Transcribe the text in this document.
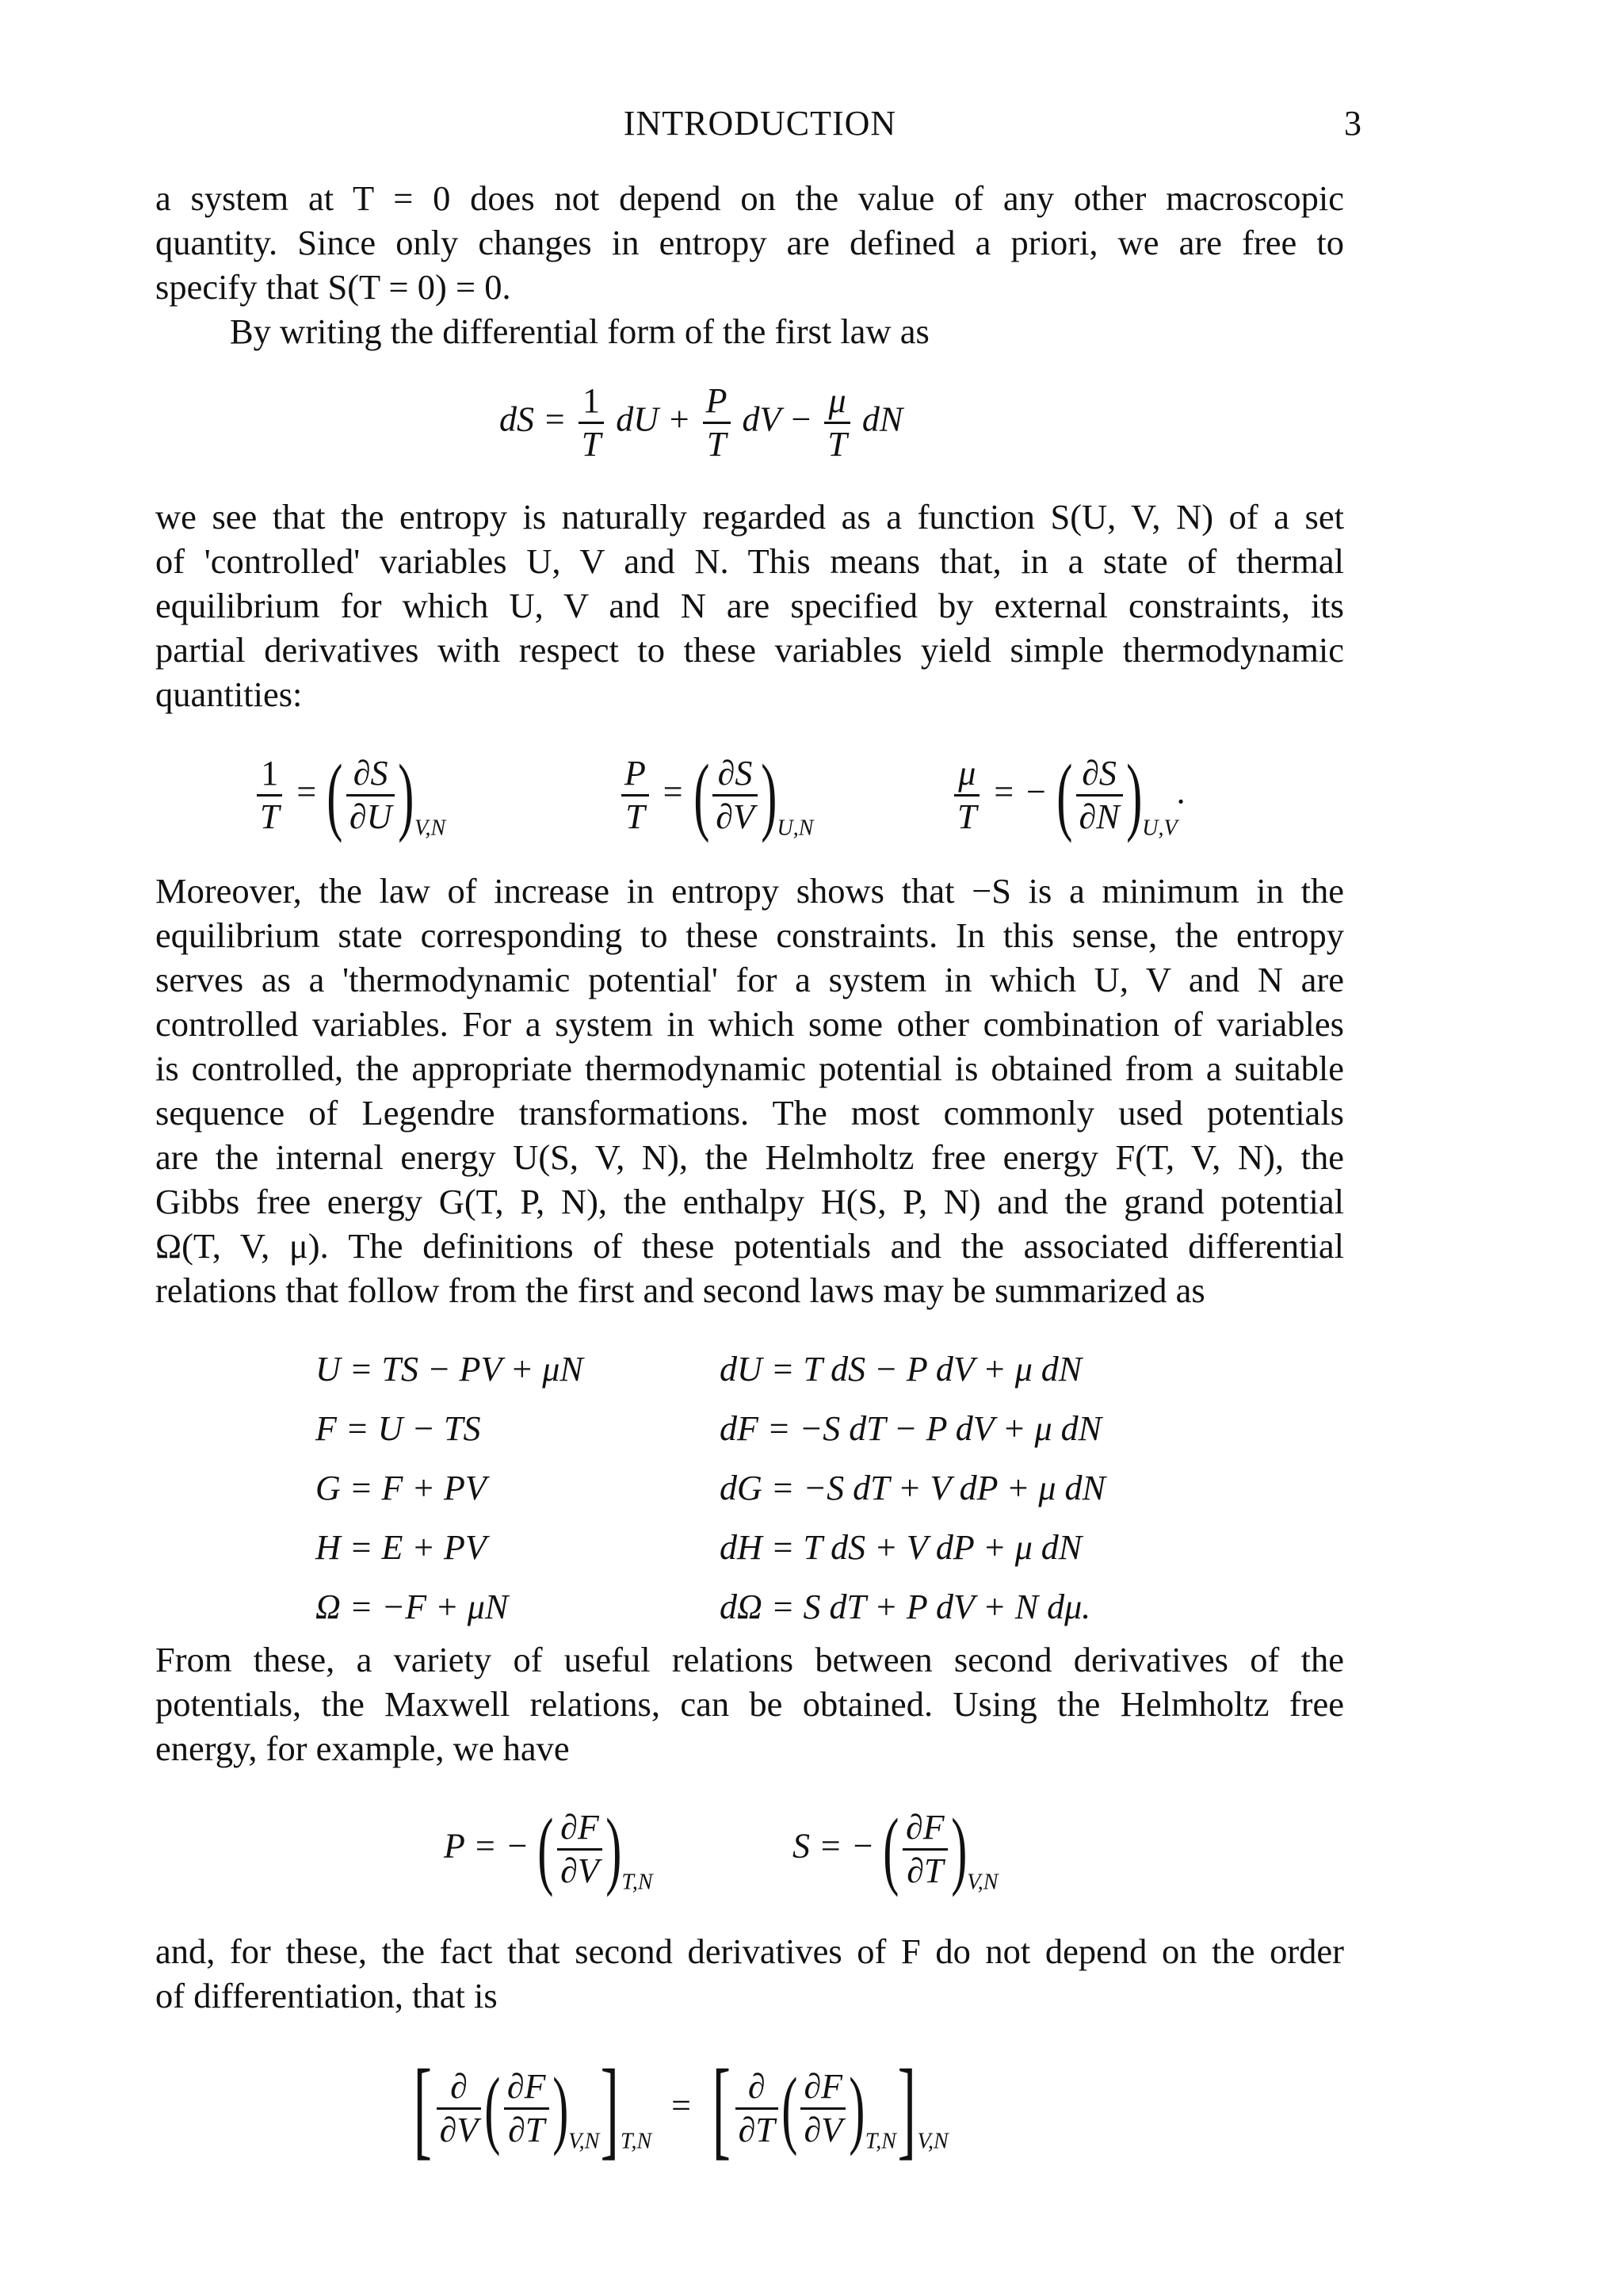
INTRODUCTION	3
a system at T = 0 does not depend on the value of any other macroscopic
quantity. Since only changes in entropy are defined a priori, we are free to
specify that S(T = 0) = 0.
By writing the differential form of the first law as
dS = $\frac{1}{T}$ dU + $\frac{P}{T}$ dV − $\frac{\mu}{T}$ dN
we see that the entropy is naturally regarded as a function S(U, V, N) of a set
of 'controlled' variables U, V and N. This means that, in a state of thermal
equilibrium for which U, V and N are specified by external constraints, its
partial derivatives with respect to these variables yield simple thermodynamic
quantities:
$\frac{1}{T}$ = ( $\frac{\partial S}{\partial U} )_{V,N}$	$\frac{P}{T}$ = ( $\frac{\partial S}{\partial V} )_{U,N}$	$\frac{\mu}{T}$ = − ( $\frac{\partial S}{\partial N} )_{U,V}$.
Moreover, the law of increase in entropy shows that −S is a minimum in the
equilibrium state corresponding to these constraints. In this sense, the entropy
serves as a 'thermodynamic potential' for a system in which U, V and N are
controlled variables. For a system in which some other combination of variables
is controlled, the appropriate thermodynamic potential is obtained from a suitable
sequence of Legendre transformations. The most commonly used potentials
are the internal energy U(S, V, N), the Helmholtz free energy F(T, V, N), the
Gibbs free energy G(T, P, N), the enthalpy H(S, P, N) and the grand potential
Ω(T, V, μ). The definitions of these potentials and the associated differential
relations that follow from the first and second laws may be summarized as
U = TS − PV + μN	dU = T dS − P dV + μ dN
F = U − TS	dF = −S dT − P dV + μ dN
G = F + PV	dG = −S dT + V dP + μ dN
H = E + PV	dH = T dS + V dP + μ dN
Ω = −F + μN	dΩ = S dT + P dV + N dμ.
From these, a variety of useful relations between second derivatives of the
potentials, the Maxwell relations, can be obtained. Using the Helmholtz free
energy, for example, we have
P = − ( $\frac{\partial F}{\partial V} )_{T,N}$
S = − ( $\frac{\partial F}{\partial T} )_{V,N}$
and, for these, the fact that second derivatives of F do not depend on the order
of differentiation, that is
[ $\frac{\partial}{\partial V}$ ( $\frac{\partial F}{\partial T} )_{V,N}]_{T,N}$ = [ $\frac{\partial}{\partial T}$ ( $\frac{\partial F}{\partial V} )_{T,N}]_{V,N}$
